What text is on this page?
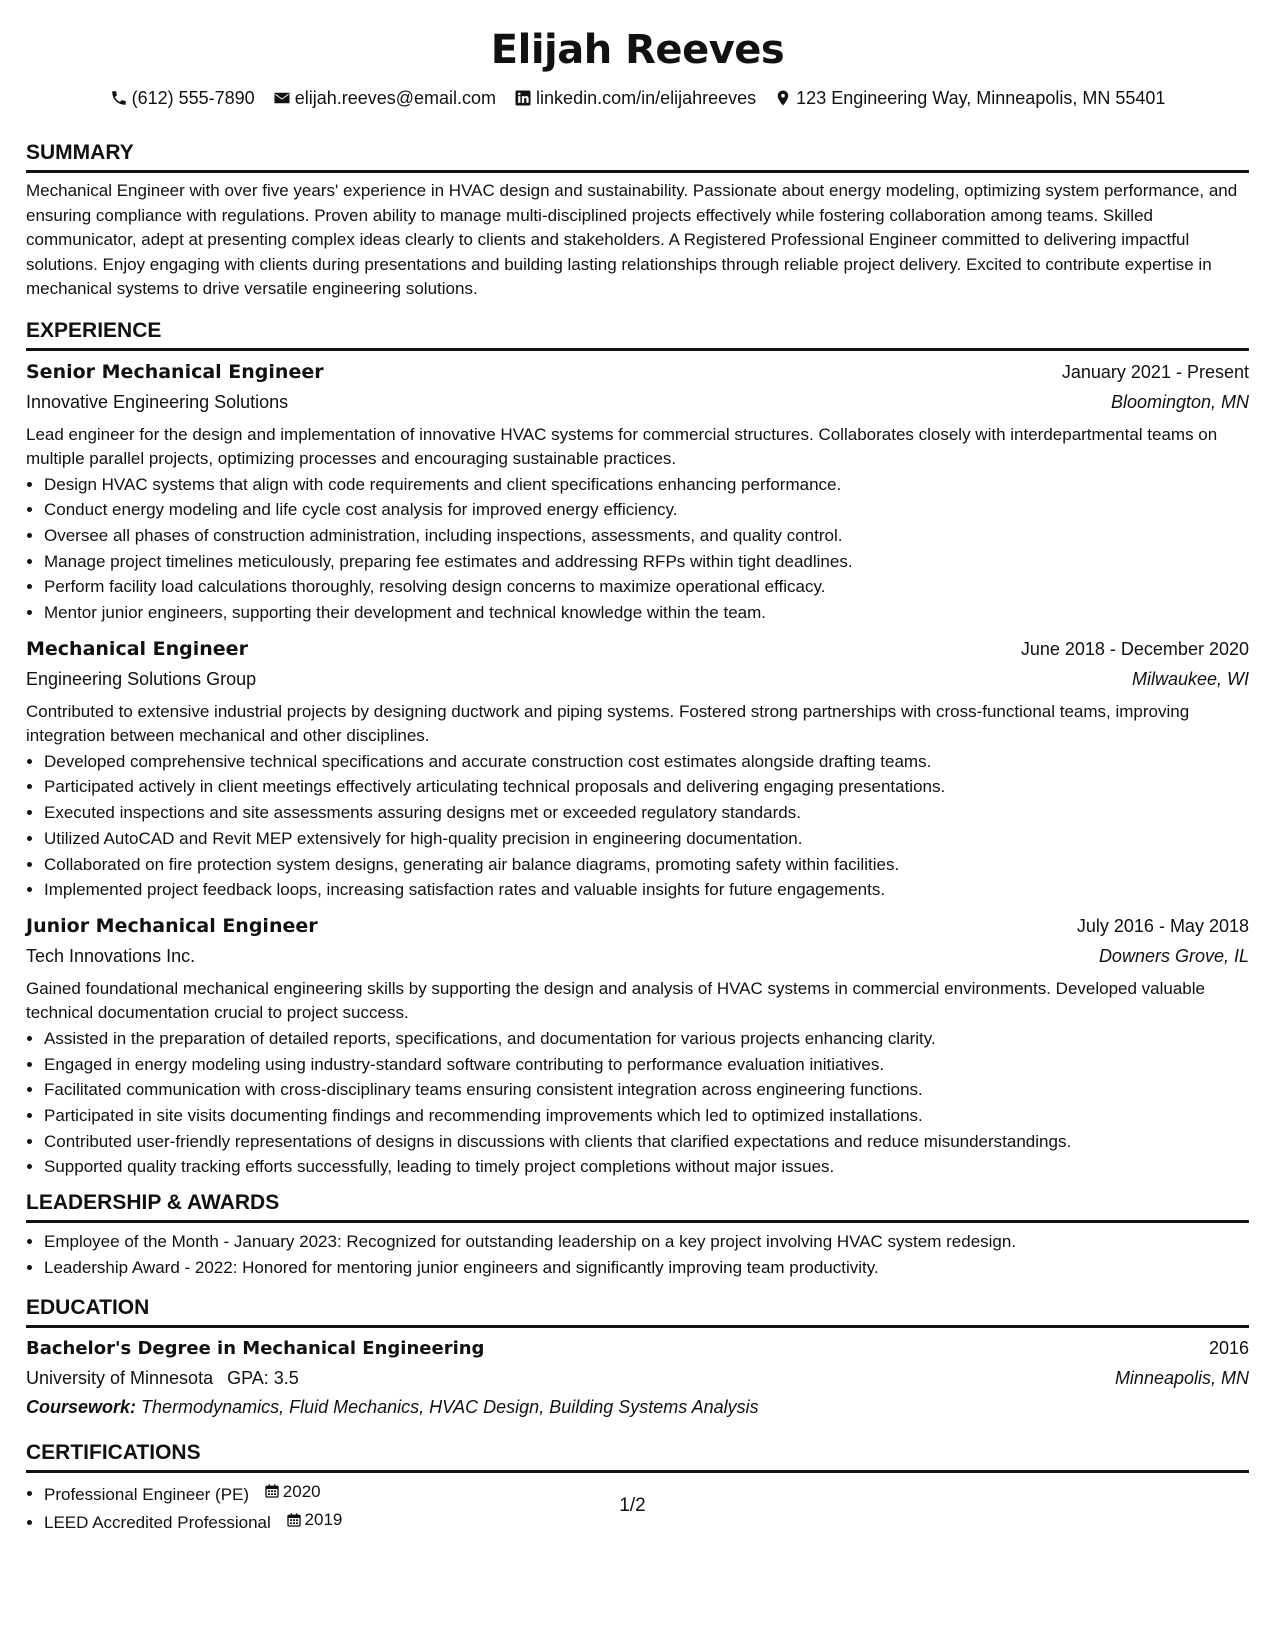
Elijah Reeves
(612) 555-7890 elijah.reeves@email.com linkedin.com/in/elijahreeves 123 Engineering Way, Minneapolis, MN 55401
SUMMARY

Mechanical Engineer with over five years' experience in HVAC design and sustainability. Passionate about energy modeling, optimizing system performance, and ensuring compliance with regulations. Proven ability to manage multi-disciplined projects effectively while fostering collaboration among teams. Skilled communicator, adept at presenting complex ideas clearly to clients and stakeholders. A Registered Professional Engineer committed to delivering impactful solutions. Enjoy engaging with clients during presentations and building lasting relationships through reliable project delivery. Excited to contribute expertise in mechanical systems to drive versatile engineering solutions.

EXPERIENCE
Senior Mechanical Engineer	January 2021 - Present
Innovative Engineering Solutions	Bloomington, MN

Lead engineer for the design and implementation of innovative HVAC systems for commercial structures. Collaborates closely with interdepartmental teams on multiple parallel projects, optimizing processes and encouraging sustainable practices.

• Design HVAC systems that align with code requirements and client specifications enhancing performance.
• Conduct energy modeling and life cycle cost analysis for improved energy efficiency.
• Oversee all phases of construction administration, including inspections, assessments, and quality control.
• Manage project timelines meticulously, preparing fee estimates and addressing RFPs within tight deadlines.
• Perform facility load calculations thoroughly, resolving design concerns to maximize operational efficacy.
• Mentor junior engineers, supporting their development and technical knowledge within the team.
Mechanical Engineer	June 2018 - December 2020
Engineering Solutions Group	Milwaukee, WI

Contributed to extensive industrial projects by designing ductwork and piping systems. Fostered strong partnerships with cross-functional teams, improving integration between mechanical and other disciplines.

• Developed comprehensive technical specifications and accurate construction cost estimates alongside drafting teams.
• Participated actively in client meetings effectively articulating technical proposals and delivering engaging presentations.
• Executed inspections and site assessments assuring designs met or exceeded regulatory standards.
• Utilized AutoCAD and Revit MEP extensively for high-quality precision in engineering documentation.
• Collaborated on fire protection system designs, generating air balance diagrams, promoting safety within facilities.
• Implemented project feedback loops, increasing satisfaction rates and valuable insights for future engagements.
Junior Mechanical Engineer	July 2016 - May 2018
Tech Innovations Inc.	Downers Grove, IL

Gained foundational mechanical engineering skills by supporting the design and analysis of HVAC systems in commercial environments. Developed valuable technical documentation crucial to project success.

• Assisted in the preparation of detailed reports, specifications, and documentation for various projects enhancing clarity.
• Engaged in energy modeling using industry-standard software contributing to performance evaluation initiatives.
• Facilitated communication with cross-disciplinary teams ensuring consistent integration across engineering functions.
• Participated in site visits documenting findings and recommending improvements which led to optimized installations.
• Contributed user-friendly representations of designs in discussions with clients that clarified expectations and reduce misunderstandings.
• Supported quality tracking efforts successfully, leading to timely project completions without major issues.
LEADERSHIP & AWARDS
• Employee of the Month - January 2023: Recognized for outstanding leadership on a key project involving HVAC system redesign.
• Leadership Award - 2022: Honored for mentoring junior engineers and significantly improving team productivity.
EDUCATION
Bachelor's Degree in Mechanical Engineering	2016
University of Minnesota GPA: 3.5	Minneapolis, MN
Coursework: Thermodynamics, Fluid Mechanics, HVAC Design, Building Systems Analysis
CERTIFICATIONS
• Professional Engineer (PE) 2020
• LEED Accredited Professional 2019
1/2
